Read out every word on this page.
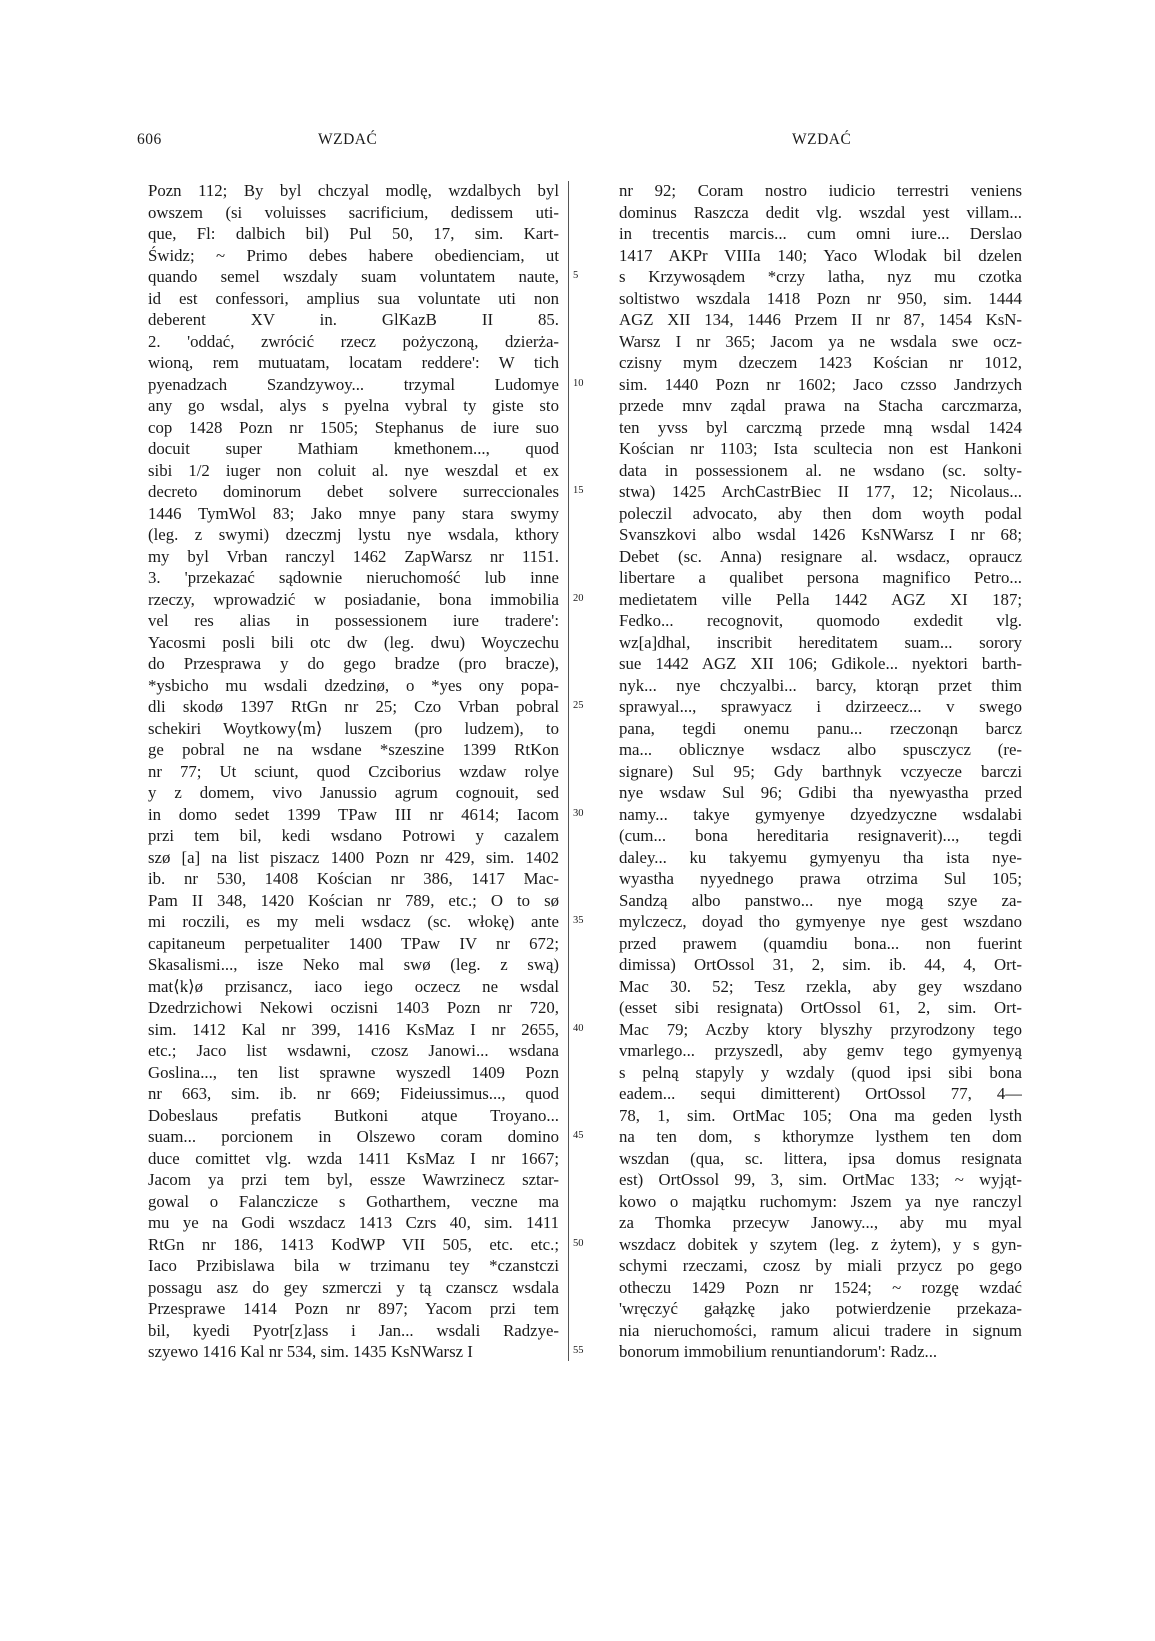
606	WZDAĆ	WZDAĆ
Pozn 112; By byl chczyal modlę, wzdalbych byl
owszem (si voluisses sacrificium, dedissem uti-
que, Fl: dalbich bil) Pul 50, 17, sim. Kart-
Świdz; ~ Primo debes habere obedienciam, ut
quando semel wszdaly suam voluntatem naute,
id est confessori, amplius sua voluntate uti non
deberent XV in. GlKazB II 85.
2. 'oddać, zwrócić rzecz pożyczoną, dzierża-
wioną, rem mutuatam, locatam reddere': W tich
pyenadzach Szandzywoy... trzymal Ludomye
any go wsdal, alys s pyelna vybral ty giste sto
cop 1428 Pozn nr 1505; Stephanus de iure suo
docuit super Mathiam kmethonem..., quod
sibi 1/2 iuger non coluit al. nye weszdal et ex
decreto dominorum debet solvere surreccionales
1446 TymWol 83; Jako mnye pany stara swymy
(leg. z swymi) dzeczmj lystu nye wsdala, kthory
my byl Vrban ranczyl 1462 ZapWarsz nr 1151.
3. 'przekazać sądownie nieruchomość lub inne
rzeczy, wprowadzić w posiadanie, bona immobilia
vel res alias in possessionem iure tradere':
Yacosmi posli bili otc dw (leg. dwu) Woyczechu
do Przesprawa y do gego bradze (pro bracze),
*ysbicho mu wsdali dzedzinø, o *yes ony popa-
dli skodø 1397 RtGn nr 25; Czo Vrban pobral
schekiri Woytkowy⟨m⟩ luszem (pro ludzem), to
ge pobral ne na wsdane *szeszine 1399 RtKon
nr 77; Ut sciunt, quod Czciborius wzdaw rolye
y z domem, vivo Janussio agrum cognouit, sed
in domo sedet 1399 TPaw III nr 4614; Iacom
przi tem bil, kedi wsdano Potrowi y cazalem
szø [a] na list piszacz 1400 Pozn nr 429, sim. 1402
ib. nr 530, 1408 Kościan nr 386, 1417 Mac-
Pam II 348, 1420 Kościan nr 789, etc.; O to sø
mi roczili, es my meli wsdacz (sc. włokę) ante
capitaneum perpetualiter 1400 TPaw IV nr 672;
Skasalismi..., isze Neko mal swø (leg. z swą)
mat⟨k⟩ø przisancz, iaco iego oczecz ne wsdal
Dzedrzichowi Nekowi oczisni 1403 Pozn nr 720,
sim. 1412 Kal nr 399, 1416 KsMaz I nr 2655,
etc.; Jaco list wsdawni, czosz Janowi... wsdana
Goslina..., ten list sprawne wyszedl 1409 Pozn
nr 663, sim. ib. nr 669; Fideiussimus..., quod
Dobeslaus prefatis Butkoni atque Troyano...
suam... porcionem in Olszewo coram domino
duce comittet vlg. wzda 1411 KsMaz I nr 1667;
Jacom ya przi tem byl, essze Wawrzinecz sztar-
gowal o Falanczicze s Gotharthem, veczne ma
mu ye na Godi wszdacz 1413 Czrs 40, sim. 1411
RtGn nr 186, 1413 KodWP VII 505, etc. etc.;
Iaco Przibislawa bila w trzimanu tey *czanstczi
possagu asz do gey szmerczi y tą czanscz wsdala
Przesprawe 1414 Pozn nr 897; Yacom przi tem
bil, kyedi Pyotr[z]ass i Jan... wsdali Radzye-
szyewo 1416 Kal nr 534, sim. 1435 KsNWarsz I
5
10
15
20
25
30
35
40
45
50
55
nr 92; Coram nostro iudicio terrestri veniens
dominus Raszcza dedit vlg. wszdal yest villam...
in trecentis marcis... cum omni iure... Derslao
1417 AKPr VIIIa 140; Yaco Wlodak bil dzelen
s Krzywosądem *crzy latha, nyz mu czotka
soltistwo wszdala 1418 Pozn nr 950, sim. 1444
AGZ XII 134, 1446 Przem II nr 87, 1454 KsN-
Warsz I nr 365; Jacom ya ne wsdala swe ocz-
czisny mym dzeczem 1423 Kościan nr 1012,
sim. 1440 Pozn nr 1602; Jaco czsso Jandrzych
przede mnv ządal prawa na Stacha carczmarza,
ten yvss byl carczmą przede mną wsdal 1424
Kościan nr 1103; Ista scultecia non est Hankoni
data in possessionem al. ne wsdano (sc. solty-
stwa) 1425 ArchCastrBiec II 177, 12; Nicolaus...
poleczil advocato, aby then dom woyth podal
Svanszkovi albo wsdal 1426 KsNWarsz I nr 68;
Debet (sc. Anna) resignare al. wsdacz, opraucz
libertare a qualibet persona magnifico Petro...
medietatem ville Pella 1442 AGZ XI 187;
Fedko... recognovit, quomodo exdedit vlg.
wz[a]dhal, inscribit hereditatem suam... sorory
sue 1442 AGZ XII 106; Gdikole... nyektori barth-
nyk... nye chczyalbi... barcy, ktorąn przet thim
sprawyal..., sprawyacz i dzirzeecz... v swego
pana, tegdi onemu panu... rzeczonąn barcz
ma... oblicznye wsdacz albo spusczycz (re-
signare) Sul 95; Gdy barthnyk vczyecze barczi
nye wsdaw Sul 96; Gdibi tha nyewyastha przed
namy... takye gymyenye dzyedzyczne wsdalabi
(cum... bona hereditaria resignaverit)..., tegdi
daley... ku takyemu gymyenyu tha ista nye-
wyastha nyyednego prawa otrzima Sul 105;
Sandzą albo panstwo... nye mogą szye za-
mylczecz, doyad tho gymyenye nye gest wszdano
przed prawem (quamdiu bona... non fuerint
dimissa) OrtOssol 31, 2, sim. ib. 44, 4, Ort-
Mac 30. 52; Tesz rzekla, aby gey wszdano
(esset sibi resignata) OrtOssol 61, 2, sim. Ort-
Mac 79; Aczby ktory blyszhy przyrodzony tego
vmarlego... przyszedl, aby gemv tego gymyenyą
s pelną stapyly y wzdaly (quod ipsi sibi bona
eadem... sequi dimitterent) OrtOssol 77, 4—
78, 1, sim. OrtMac 105; Ona ma geden lysth
na ten dom, s kthorymze lysthem ten dom
wszdan (qua, sc. littera, ipsa domus resignata
est) OrtOssol 99, 3, sim. OrtMac 133; ~ wyjąt-
kowo o majątku ruchomym: Jszem ya nye ranczyl
za Thomka przecyw Janowy..., aby mu myal
wszdacz dobitek y szytem (leg. z żytem), y s gyn-
schymi rzeczami, czosz by miali przycz po gego
otheczu 1429 Pozn nr 1524; ~ rozgę wzdać
'wręczyć gałązkę jako potwierdzenie przekaza-
nia nieruchomości, ramum alicui tradere in signum
bonorum immobilium renuntiandorum': Radz...
